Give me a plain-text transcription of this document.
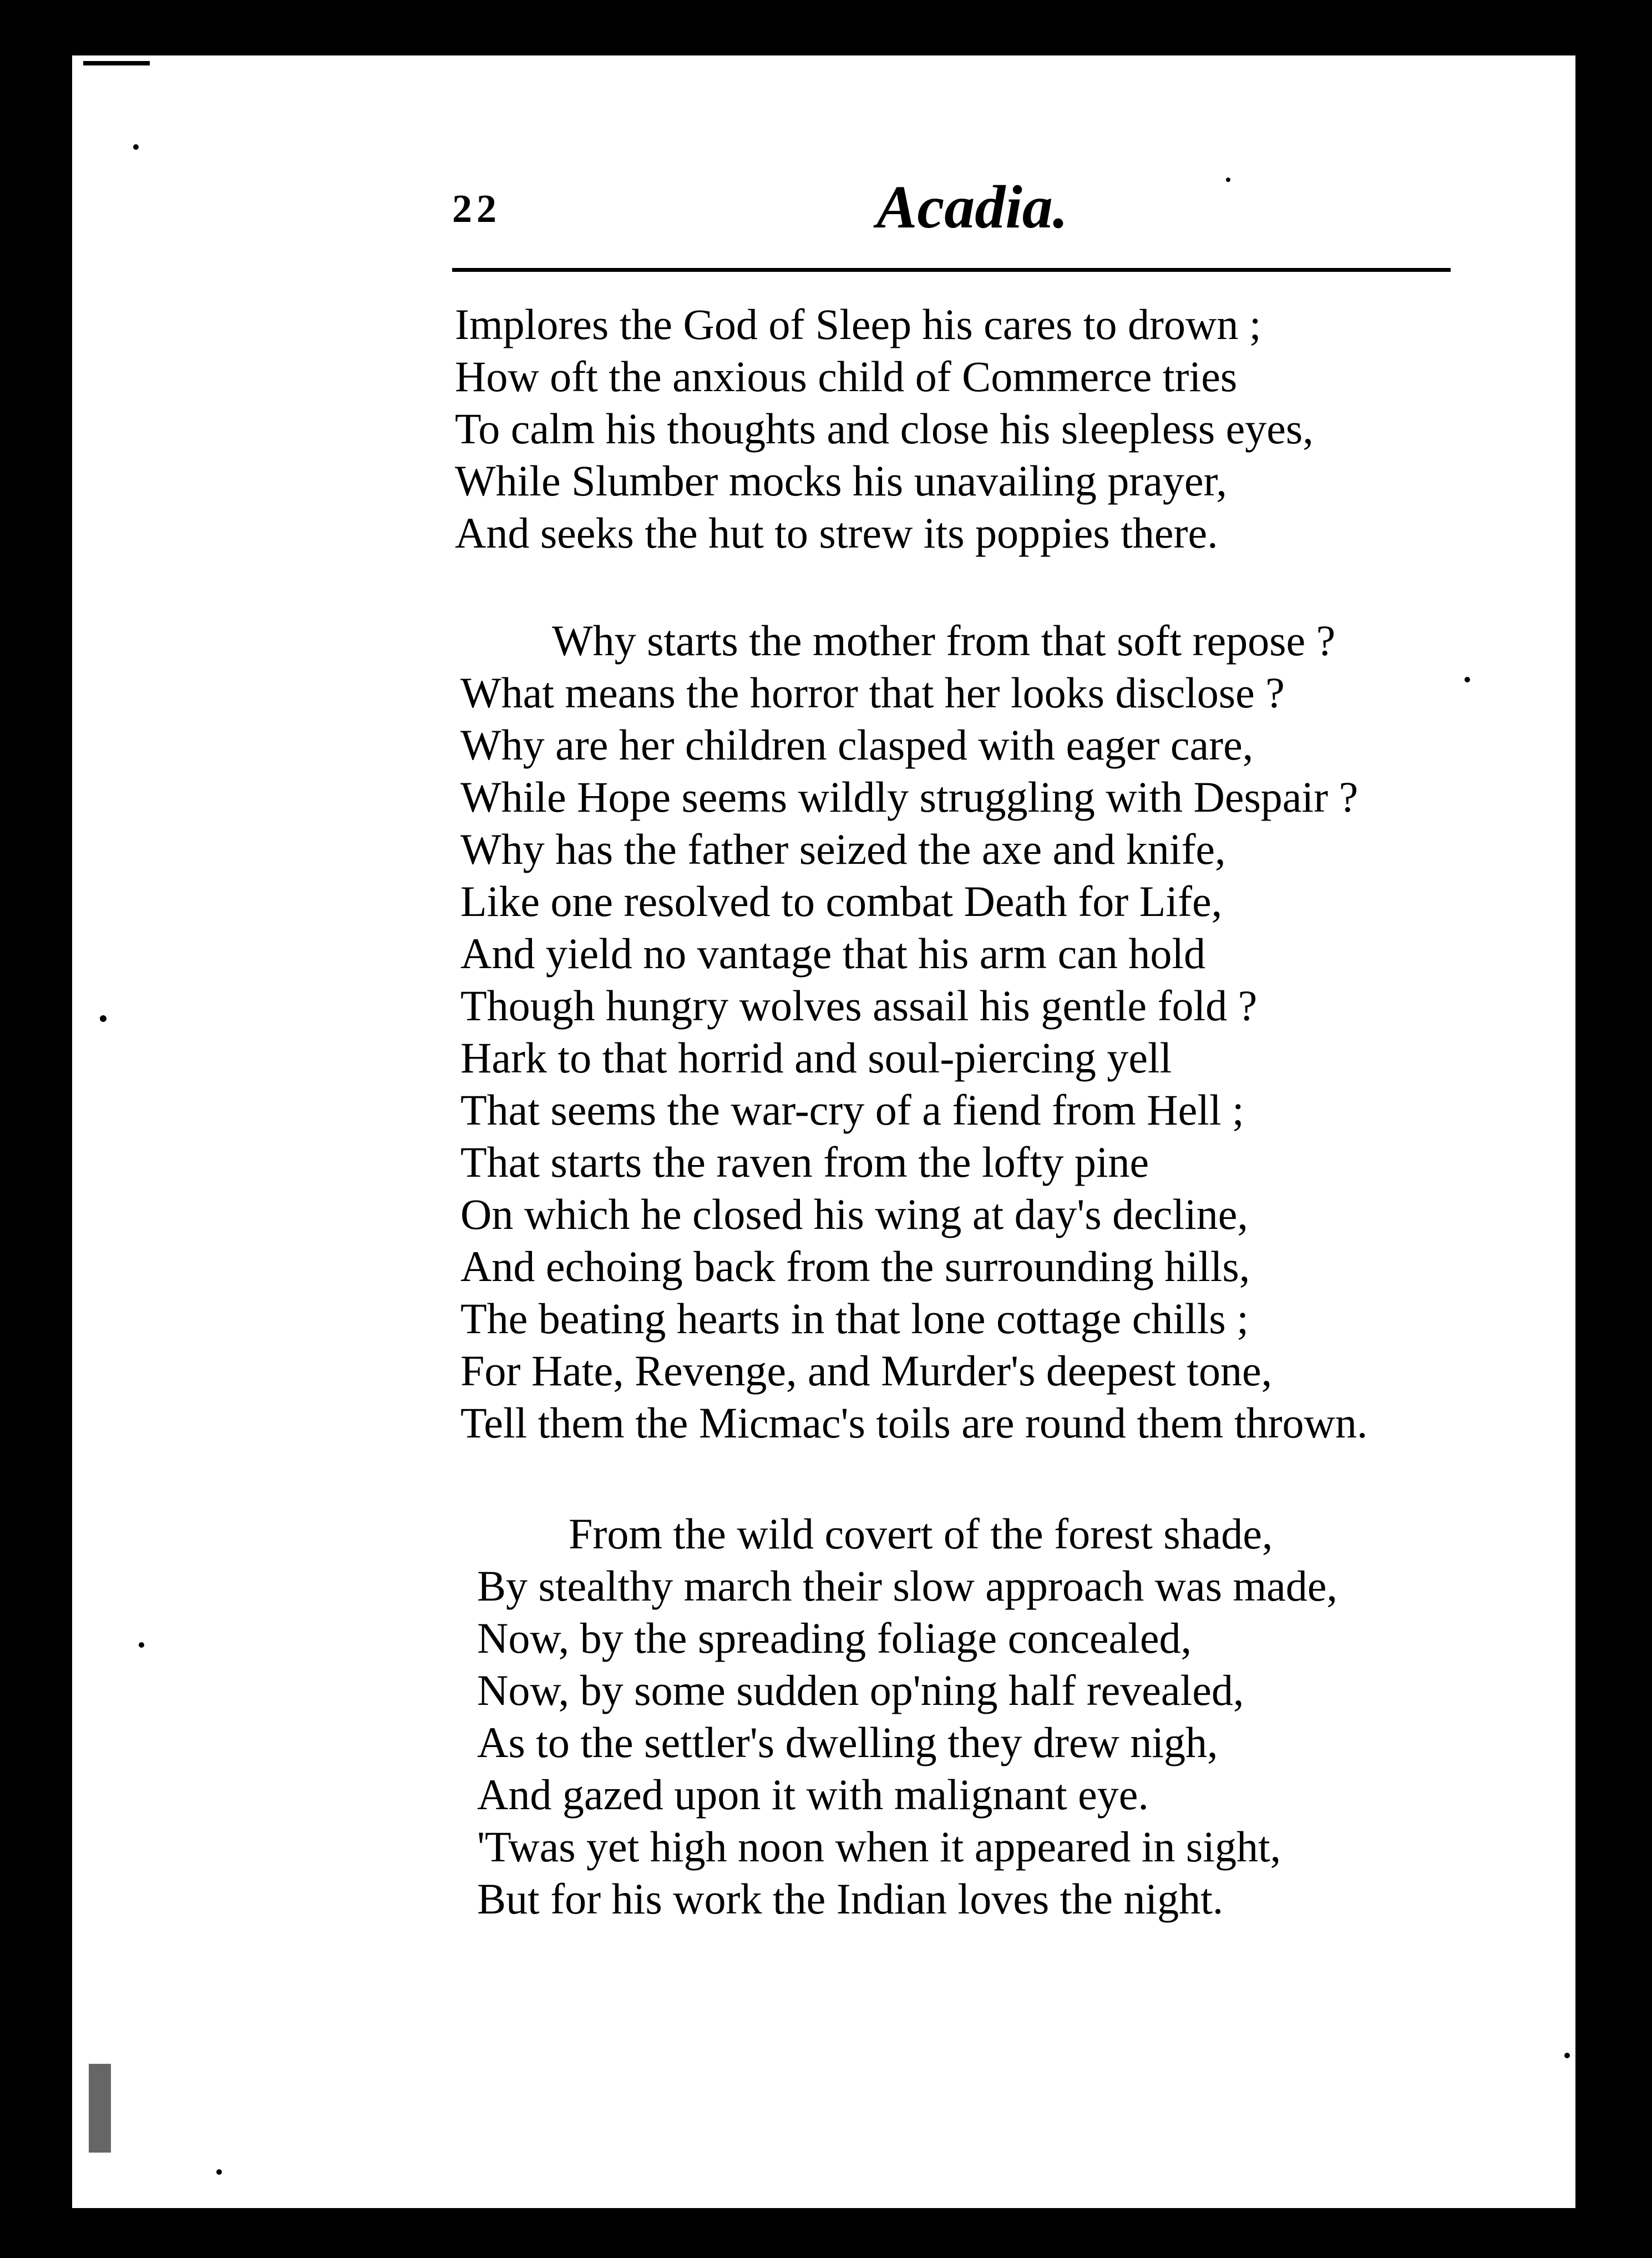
22	Acadia.
Implores the God of Sleep his cares to drown ;
How oft the anxious child of Commerce tries
To calm his thoughts and close his sleepless eyes,
While Slumber mocks his unavailing prayer,
And seeks the hut to strew its poppies there.
Why starts the mother from that soft repose ?
What means the horror that her looks disclose ?
Why are her children clasped with eager care,
While Hope seems wildly struggling with Despair ?
Why has the father seized the axe and knife,
Like one resolved to combat Death for Life,
And yield no vantage that his arm can hold
Though hungry wolves assail his gentle fold ?
Hark to that horrid and soul-piercing yell
That seems the war-cry of a fiend from Hell ;
That starts the raven from the lofty pine
On which he closed his wing at day's decline,
And echoing back from the surrounding hills,
The beating hearts in that lone cottage chills ;
For Hate, Revenge, and Murder's deepest tone,
Tell them the Micmac's toils are round them thrown.
From the wild covert of the forest shade,
By stealthy march their slow approach was made,
Now, by the spreading foliage concealed,
Now, by some sudden op'ning half revealed,
As to the settler's dwelling they drew nigh,
And gazed upon it with malignant eye.
'Twas yet high noon when it appeared in sight,
But for his work the Indian loves the night.
